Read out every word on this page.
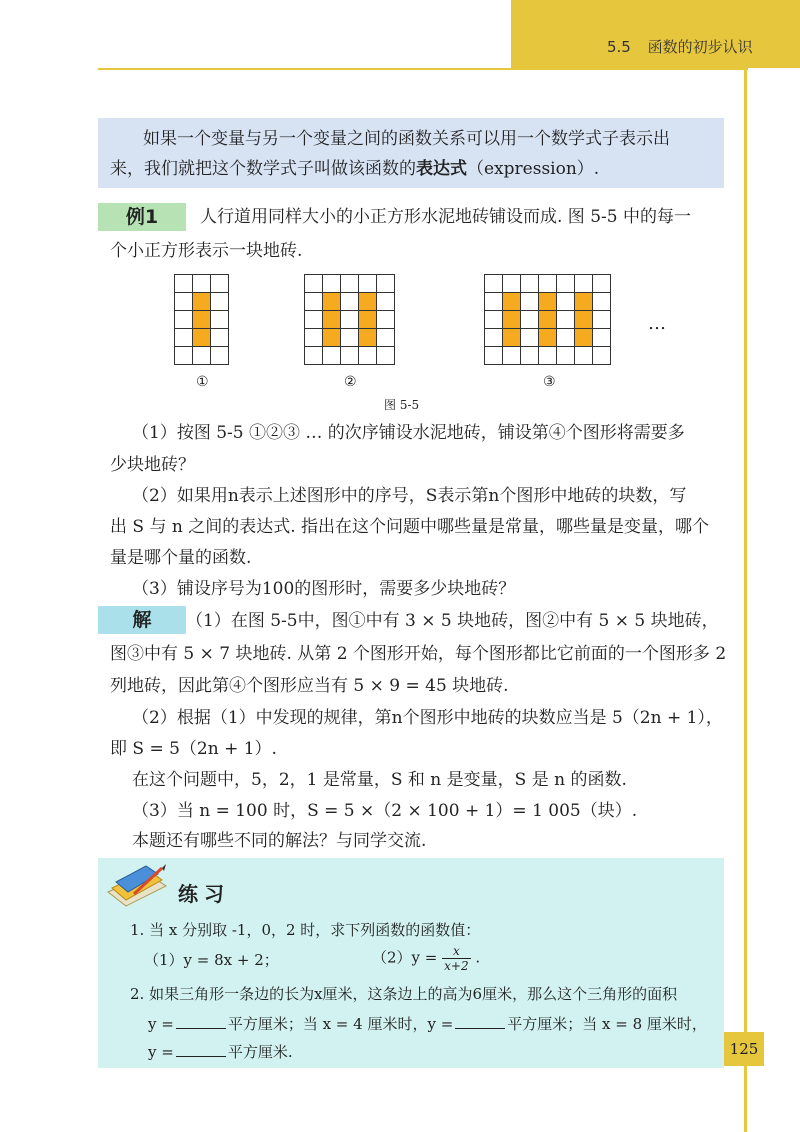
5.5 函数的初步认识

如果一个变量与另一个变量之间的函数关系可以用一个数学式子表示出

来，我们就把这个数学式子叫做该函数的表达式（expression）.

例1	人行道用同样大小的小正方形水泥地砖铺设而成. 图 5-5 中的每一

个小正方形表示一块地砖.

…
①	②	③
图 5-5

（1）按图 5-5 ①②③ … 的次序铺设水泥地砖，铺设第④个图形将需要多

少块地砖？

（2）如果用n表示上述图形中的序号，S表示第n个图形中地砖的块数，写

出 S 与 n 之间的表达式. 指出在这个问题中哪些量是常量，哪些量是变量，哪个

量是哪个量的函数.

（3）铺设序号为100的图形时，需要多少块地砖？

解	（1）在图 5-5中，图①中有 3 × 5 块地砖，图②中有 5 × 5 块地砖，

图③中有 5 × 7 块地砖. 从第 2 个图形开始，每个图形都比它前面的一个图形多 2

列地砖，因此第④个图形应当有 5 × 9 = 45 块地砖.

（2）根据（1）中发现的规律，第n个图形中地砖的块数应当是 5（2n + 1），

即 S = 5（2n + 1）.

在这个问题中，5，2，1 是常量，S 和 n 是变量，S 是 n 的函数.

（3）当 n = 100 时，S = 5 ×（2 × 100 + 1）= 1 005（块）.

本题还有哪些不同的解法？与同学交流.

练习
1. 当 x 分别取 -1，0，2 时，求下列函数的函数值：
（1）y = 8x + 2；	$(2)y = \frac{x}{x+2}$ .
2. 如果三角形一条边的长为x厘米，这条边上的高为6厘米，那么这个三角形的面积
y =	平方厘米；当 x = 4 厘米时，y =	平方厘米；当 x = 8 厘米时，
y =	平方厘米.	125
